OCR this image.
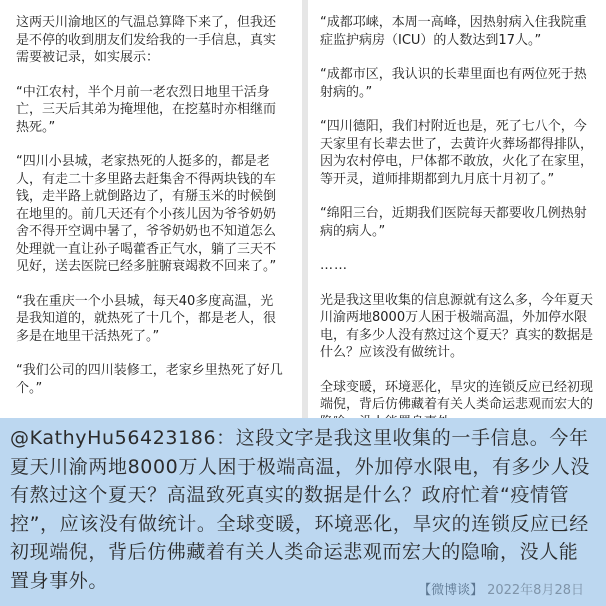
这两天川渝地区的气温总算降下来了，但我还是不停的收到朋友们发给我的一手信息，真实需要被记录，如实展示：

“中江农村，半个月前一老农烈日地里干活身亡，三天后其弟为掩埋他，在挖墓时亦相继而热死。”

“四川小县城，老家热死的人挺多的，都是老人，有走二十多里路去赶集舍不得两块钱的车钱，走半路上就倒路边了，有掰玉米的时候倒在地里的。前几天还有个小孩儿因为爷爷奶奶舍不得开空调中暑了，爷爷奶奶也不知道怎么处理就一直让孙子喝藿香正气水，躺了三天不见好，送去医院已经多脏腑衰竭救不回来了。”

“我在重庆一个小县城，每天40多度高温，光是我知道的，就热死了十几个，都是老人，很多是在地里干活热死了。”

“我们公司的四川装修工，老家乡里热死了好几个。”

“成都邛崃，本周一高峰，因热射病入住我院重症监护病房（ICU）的人数达到17人。”

“成都市区，我认识的长辈里面也有两位死于热射病的。”

“四川德阳，我们村附近也是，死了七八个，今天家里有长辈去世了，去黄许火葬场都得排队，因为农村停电，尸体都不敢放，火化了在家里，等开灵，道师排期都到九月底十月初了。”

“绵阳三台，近期我们医院每天都要收几例热射病的病人。”

……

光是我这里收集的信息源就有这么多，今年夏天川渝两地8000万人困于极端高温，外加停水限电，有多少人没有熬过这个夏天？真实的数据是什么？应该没有做统计。

全球变暖，环境恶化，旱灾的连锁反应已经初现端倪，背后仿佛藏着有关人类命运悲观而宏大的

@KathyHu56423186：这段文字是我这里收集的一手信息。今年夏天川渝两地8000万人困于极端高温，外加停水限电，有多少人没有熬过这个夏天？高温致死真实的数据是什么？政府忙着“疫情管控”，应该没有做统计。全球变暖，环境恶化，旱灾的连锁反应已经初现端倪，背后仿佛藏着有关人类命运悲观而宏大的隐喻，没人能置身事外。	【微博谈】 2022年8月28日
